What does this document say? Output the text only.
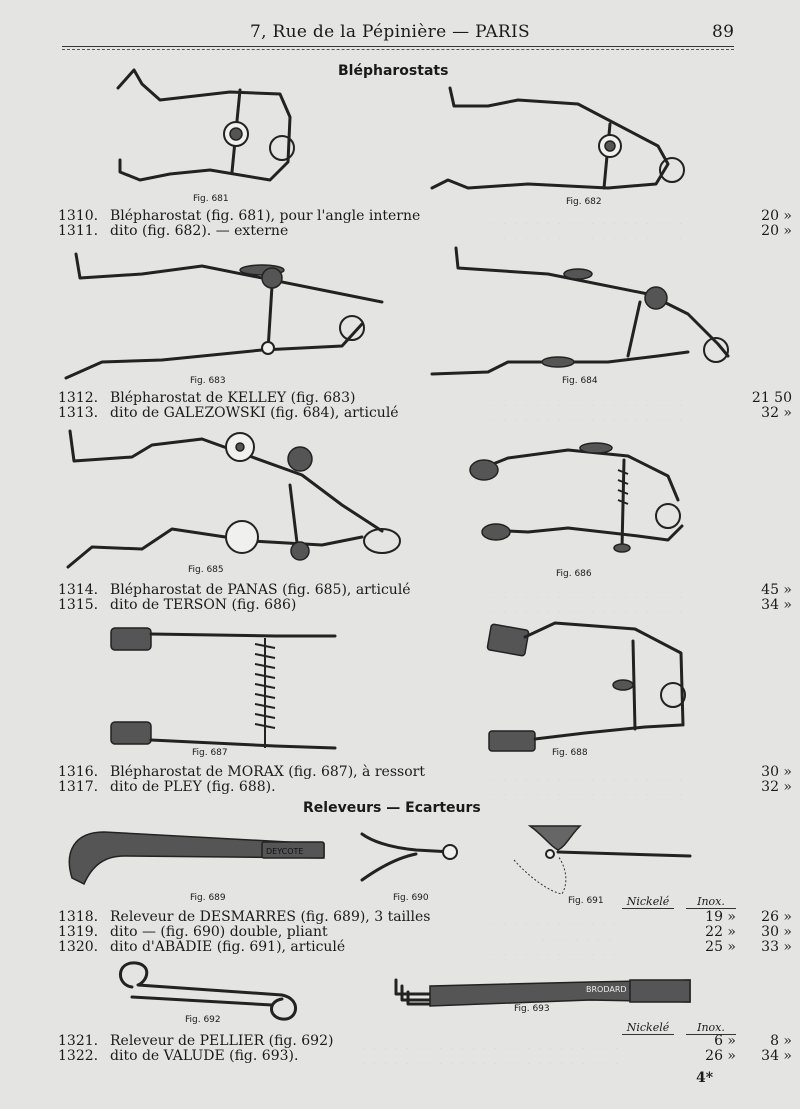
7, Rue de la Pépinière — PARIS	89
Blépharostats
Fig. 681	Fig. 682
1310. Blépharostat (fig. 681), pour l'angle interne	20 »
1311. dito (fig. 682). — externe	20 »
Fig. 683	Fig. 684
1312. Blépharostat de KELLEY (fig. 683)	21 50
1313. dito de GALEZOWSKI (fig. 684), articulé	32 »
Fig. 685	Fig. 686
1314. Blépharostat de PANAS (fig. 685), articulé	45 »
1315. dito de TERSON (fig. 686)	34 »
Fig. 687	Fig. 688
1316. Blépharostat de MORAX (fig. 687), à ressort	30 »
1317. dito de PLEY (fig. 688).	32 »
Releveurs — Ecarteurs
DEYCOTE
Fig. 689	Fig. 690	Fig. 691	Nickelé	Inox.
1318. Releveur de DESMARRES (fig. 689), 3 tailles	19 »	26 »
1319. dito — (fig. 690) double, pliant	22 »	30 »
1320. dito d'ABADIE (fig. 691), articulé	25 »	33 »
Fig. 692
BRODARD
Fig. 693
Nickelé	Inox.
1321. Releveur de PELLIER (fig. 692)	6 »	8 »
1322. dito de VALUDE (fig. 693).	26 »	34 »
4*
